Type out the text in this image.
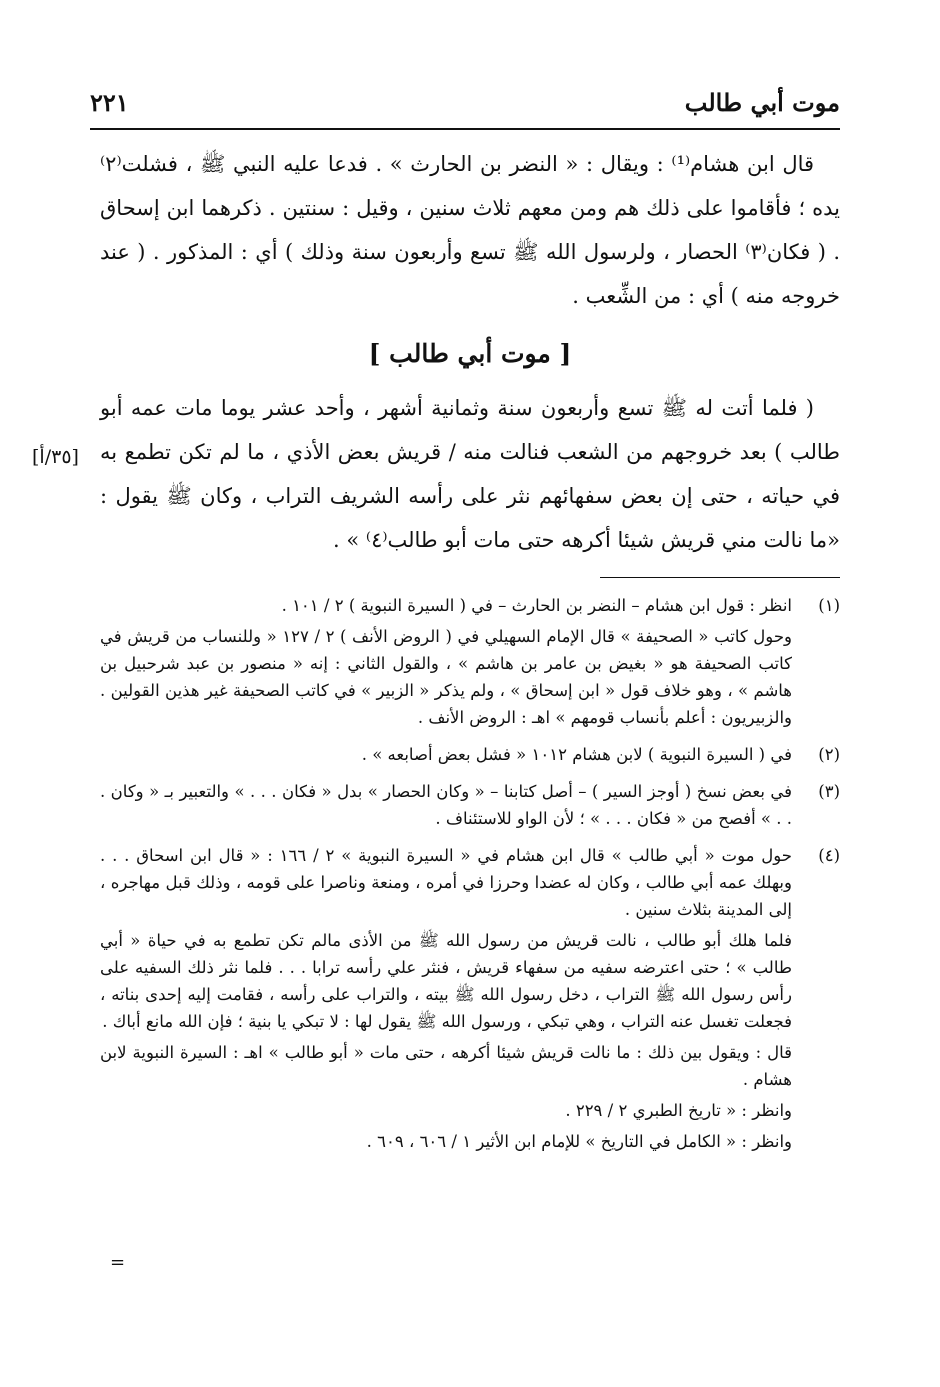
موت أبي طالب
٢٢١

قال ابن هشام⁽¹⁾ : ويقال : « النضر بن الحارث » . فدعا عليه النبي ﷺ ، فشلت⁽٢⁾ يده ؛ فأقاموا على ذلك هم ومن معهم ثلاث سنين ، وقيل : سنتين . ذكرهما ابن إسحاق . ( فكان⁽٣⁾ الحصار ، ولرسول الله ﷺ تسع وأربعون سنة وذلك ) أي : المذكور . ( عند خروجه منه ) أي : من الشِّعب .

[ موت أبي طالب ]

( فلما أتت له ﷺ تسع وأربعون سنة وثمانية أشهر ، وأحد عشر يوما مات عمه أبو طالب ) بعد خروجهم من الشعب فنالت منه / قريش بعض الأذي ، ما لم تكن تطمع به في حياته ، حتى إن بعض سفهائهم نثر على رأسه الشريف التراب ، وكان ﷺ يقول : «ما نالت مني قريش شيئا أكرهه حتى مات أبو طالب⁽٤⁾ » .

[٣٥/أ]
(١)

انظر : قول ابن هشام – النضر بن الحارث – في ( السيرة النبوية ) ٢ / ١٠١ .

وحول كاتب « الصحيفة » قال الإمام السهيلي في ( الروض الأنف ) ٢ / ١٢٧ « وللنساب من قريش في كاتب الصحيفة هو « بغيض بن عامر بن هاشم » ، والقول الثاني : إنه « منصور بن عبد شرحبيل بن هاشم » ، وهو خلاف قول « ابن إسحاق » ، ولم يذكر « الزبير » في كاتب الصحيفة غير هذين القولين . والزبيريون : أعلم بأنساب قومهم » اهـ : الروض الأنف .

(٢)

في ( السيرة النبوية ) لابن هشام ١٠١٢ « فشل بعض أصابعه » .

(٣)

في بعض نسخ ( أوجز السير ) – أصل كتابنا – « وكان الحصار » بدل « فكان . . . » والتعبير بـ « وكان . . . » أفصح من « فكان . . . » ؛ لأن الواو للاستئناف .

(٤)

حول موت « أبي طالب » قال ابن هشام في « السيرة النبوية » ٢ / ١٦٦ : « قال ابن اسحاق . . . وبهلك عمه أبي طالب ، وكان له عضدا وحرزا في أمره ، ومنعة وناصرا على قومه ، وذلك قبل مهاجره ، إلى المدينة بثلاث سنين .

فلما هلك أبو طالب ، نالت قريش من رسول الله ﷺ من الأذى مالم تكن تطمع به في حياة « أبي طالب » ؛ حتى اعترضه سفيه من سفهاء قريش ، فنثر علي رأسه ترابا . . . فلما نثر ذلك السفيه على رأس رسول الله ﷺ التراب ، دخل رسول الله ﷺ بيته ، والتراب على رأسه ، فقامت إليه إحدى بناته ، فجعلت تغسل عنه التراب ، وهي تبكي ، ورسول الله ﷺ يقول لها : لا تبكي يا بنية ؛ فإن الله مانع أباك .

قال : ويقول بين ذلك : ما نالت قريش شيئا أكرهه ، حتى مات « أبو طالب » اهـ : السيرة النبوية لابن هشام .

وانظر : « تاريخ الطبري ٢ / ٢٢٩ .

وانظر : « الكامل في التاريخ » للإمام ابن الأثير ١ / ٦٠٦ ، ٦٠٩ .

=
